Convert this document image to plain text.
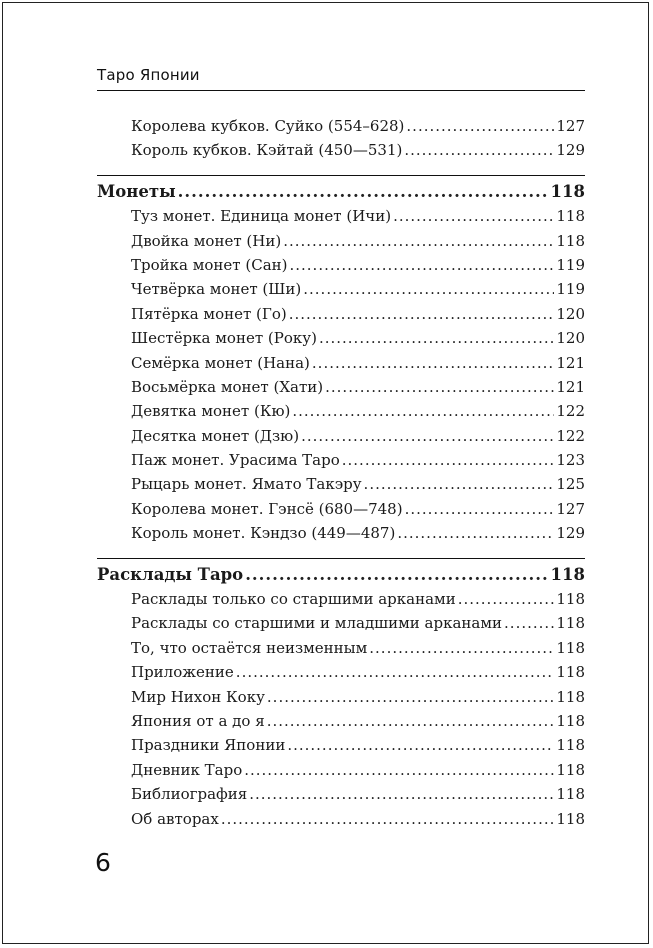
Таро Японии
Королева кубков. Суйко (554–628) .....	127
Король кубков. Кэйтай (450—531) .....	129
Монеты .....	118
Туз монет. Единица монет (Ичи) .....	118
Двойка монет (Ни) .....	118
Тройка монет (Сан) .....	119
Четвёрка монет (Ши) .....	119
Пятёрка монет (Го) .....	120
Шестёрка монет (Року) .....	120
Семёрка монет (Нана) .....	121
Восьмёрка монет (Хати) .....	121
Девятка монет (Кю) .....	122
Десятка монет (Дзю) .....	122
Паж монет. Урасима Таро .....	123
Рыцарь монет. Ямато Такэру .....	125
Королева монет. Гэнсё (680—748) .....	127
Король монет. Кэндзо (449—487) .....	129
Расклады Таро .....	118
Расклады только со старшими арканами .....	118
Расклады со старшими и младшими арканами .....	118
То, что остаётся неизменным .....	118
Приложение .....	118
Мир Нихон Коку .....	118
Япония от а до я .....	118
Праздники Японии .....	118
Дневник Таро .....	118
Библиография .....	118
Об авторах .....	118
6
